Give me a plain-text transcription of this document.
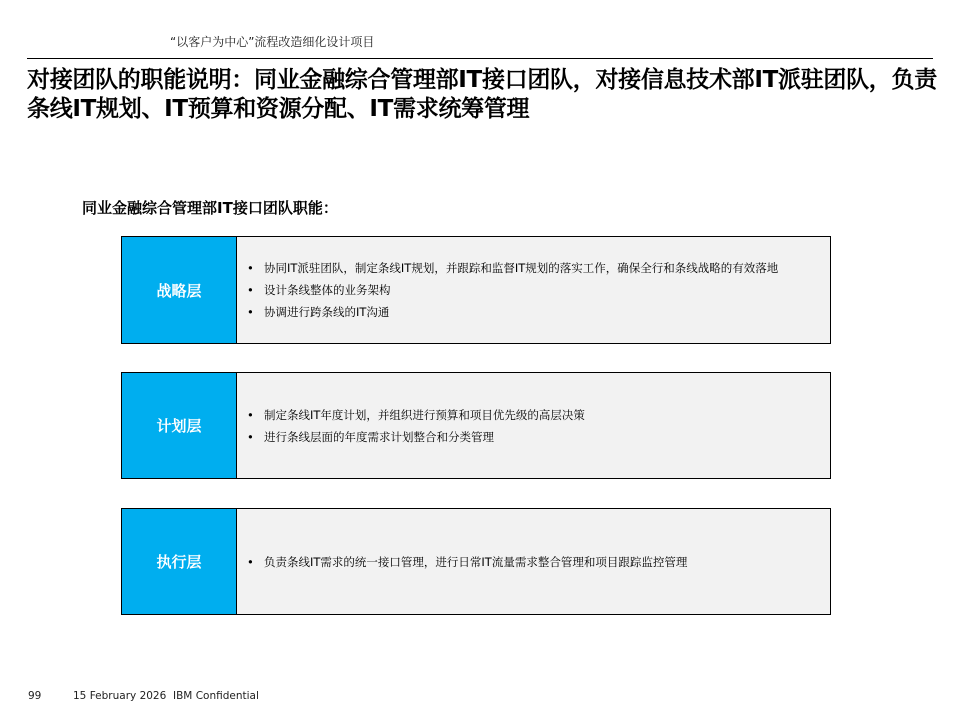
“以客户为中心”流程改造细化设计项目
对接团队的职能说明：同业金融综合管理部IT接口团队，对接信息技术部IT派驻团队，负责条线IT规划、IT预算和资源分配、IT需求统筹管理
同业金融综合管理部IT接口团队职能：
战略层
• 协同IT派驻团队，制定条线IT规划，并跟踪和监督IT规划的落实工作，确保全行和条线战略的有效落地
• 设计条线整体的业务架构
• 协调进行跨条线的IT沟通
计划层
• 制定条线IT年度计划，并组织进行预算和项目优先级的高层决策
• 进行条线层面的年度需求计划整合和分类管理
执行层	• 负责条线IT需求的统一接口管理，进行日常IT流量需求整合管理和项目跟踪监控管理
99	15 February 2026 IBM Confidential
